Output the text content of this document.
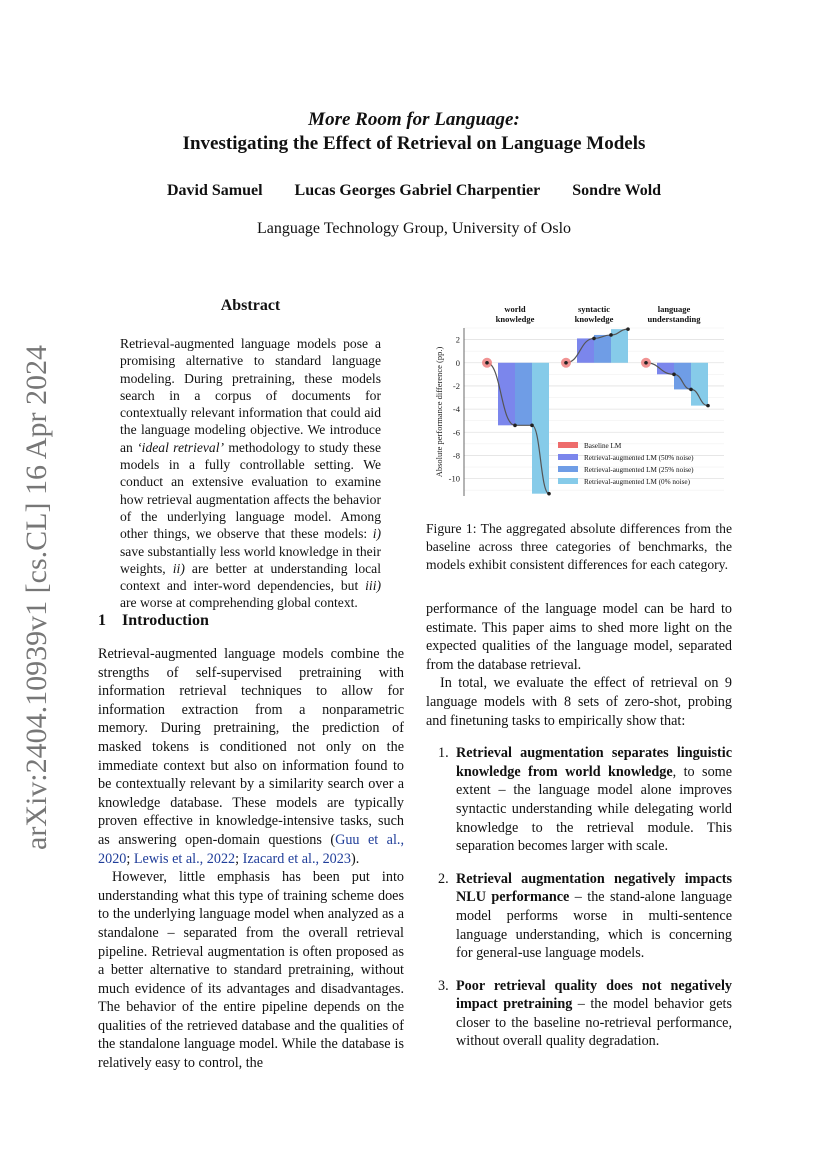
More Room for Language:
Investigating the Effect of Retrieval on Language Models
David Samuel Lucas Georges Gabriel Charpentier Sondre Wold
Language Technology Group, University of Oslo
arXiv:2404.10939v1 [cs.CL] 16 Apr 2024
Abstract
Retrieval-augmented language models pose a promising alternative to standard language modeling. During pretraining, these models search in a corpus of documents for contextually relevant information that could aid the language modeling objective. We introduce an ‘ideal retrieval’ methodology to study these models in a fully controllable setting. We conduct an extensive evaluation to examine how retrieval augmentation affects the behavior of the underlying language model. Among other things, we observe that these models: i) save substantially less world knowledge in their weights, ii) are better at understanding local context and inter-word dependencies, but iii) are worse at comprehending global context.
1 Introduction

Retrieval-augmented language models combine the strengths of self-supervised pretraining with information retrieval techniques to allow for information extraction from a nonparametric memory. During pretraining, the prediction of masked tokens is conditioned not only on the immediate context but also on information found to be contextually relevant by a similarity search over a knowledge database. These models are typically proven effective in knowledge-intensive tasks, such as answering open-domain questions (Guu et al., 2020; Lewis et al., 2022; Izacard et al., 2023).

However, little emphasis has been put into understanding what this type of training scheme does to the underlying language model when analyzed as a standalone – separated from the overall retrieval pipeline. Retrieval augmentation is often proposed as a better alternative to standard pretraining, without much evidence of its advantages and disadvantages. The behavior of the entire pipeline depends on the qualities of the retrieved database and the qualities of the standalone language model. While the database is relatively easy to control, the

2
0
-2
-4
-6
-8
-10
Absolute performance difference (pp.)
world
knowledge
syntactic
knowledge
language
understanding
Baseline LM
Retrieval-augmented LM (50% noise)
Retrieval-augmented LM (25% noise)
Retrieval-augmented LM (0% noise)
Figure 1: The aggregated absolute differences from the baseline across three categories of benchmarks, the models exhibit consistent differences for each category.

performance of the language model can be hard to estimate. This paper aims to shed more light on the expected qualities of the language model, separated from the database retrieval.

In total, we evaluate the effect of retrieval on 9 language models with 8 sets of zero-shot, probing and finetuning tasks to empirically show that:

1. Retrieval augmentation separates linguistic knowledge from world knowledge, to some extent – the language model alone improves syntactic understanding while delegating world knowledge to the retrieval module. This separation becomes larger with scale.
2. Retrieval augmentation negatively impacts NLU performance – the stand-alone language model performs worse in multi-sentence language understanding, which is concerning for general-use language models.
3. Poor retrieval quality does not negatively impact pretraining – the model behavior gets closer to the baseline no-retrieval performance, without overall quality degradation.
